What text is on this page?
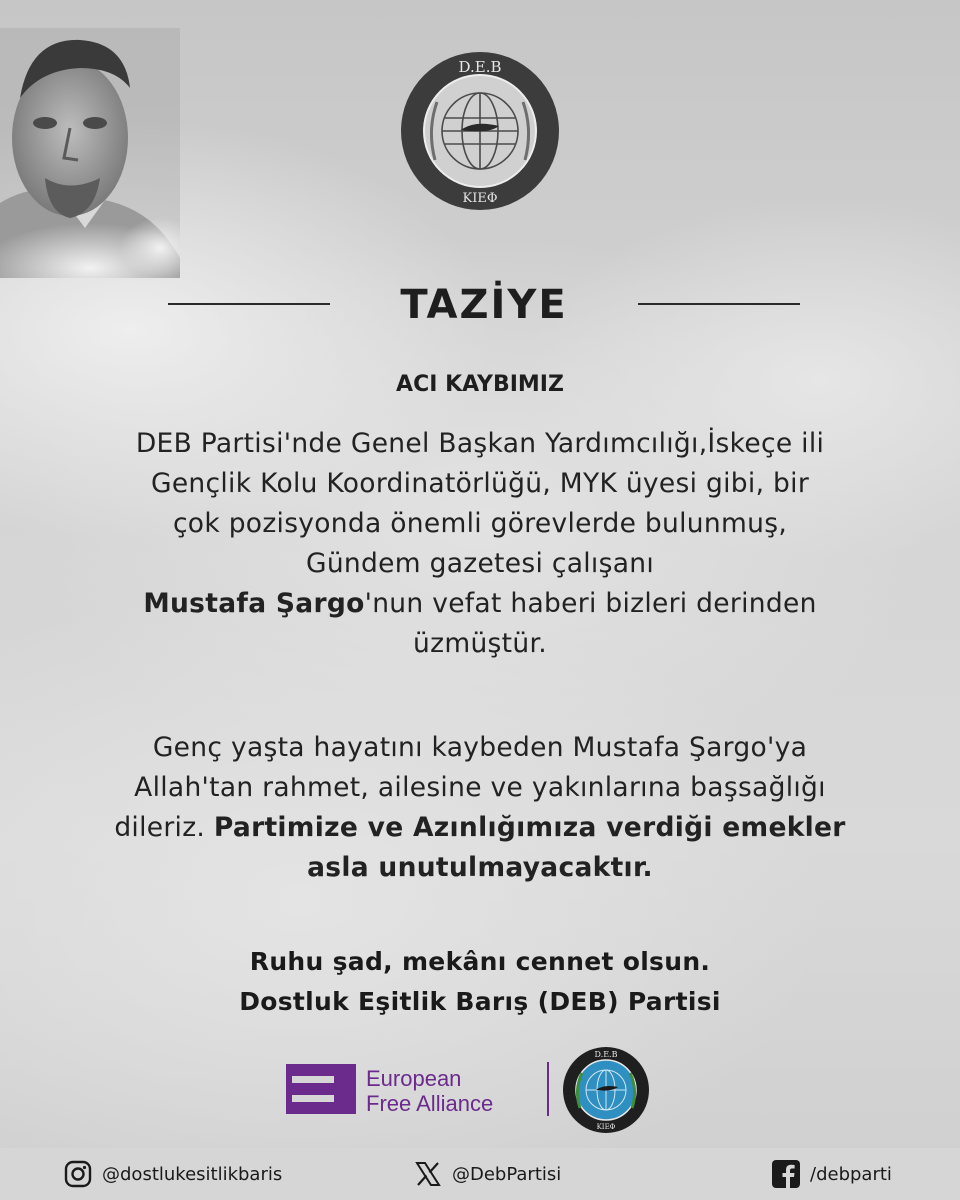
D.E.B
ΚΙΕΦ
TAZİYE
ACI KAYBIMIZ
DEB Partisi'nde Genel Başkan Yardımcılığı,İskeçe ili
Gençlik Kolu Koordinatörlüğü, MYK üyesi gibi, bir
çok pozisyonda önemli görevlerde bulunmuş,
Gündem gazetesi çalışanı
Mustafa Şargo'nun vefat haberi bizleri derinden
üzmüştür.
Genç yaşta hayatını kaybeden Mustafa Şargo'ya
Allah'tan rahmet, ailesine ve yakınlarına başsağlığı
dileriz. Partimize ve Azınlığımıza verdiği emekler
asla unutulmayacaktır.
Ruhu şad, mekânı cennet olsun.
Dostluk Eşitlik Barış (DEB) Partisi
European
Free Alliance
D.E.B
ΚΙΕΦ
@dostlukesitlikbaris	@DebPartisi	/debparti
